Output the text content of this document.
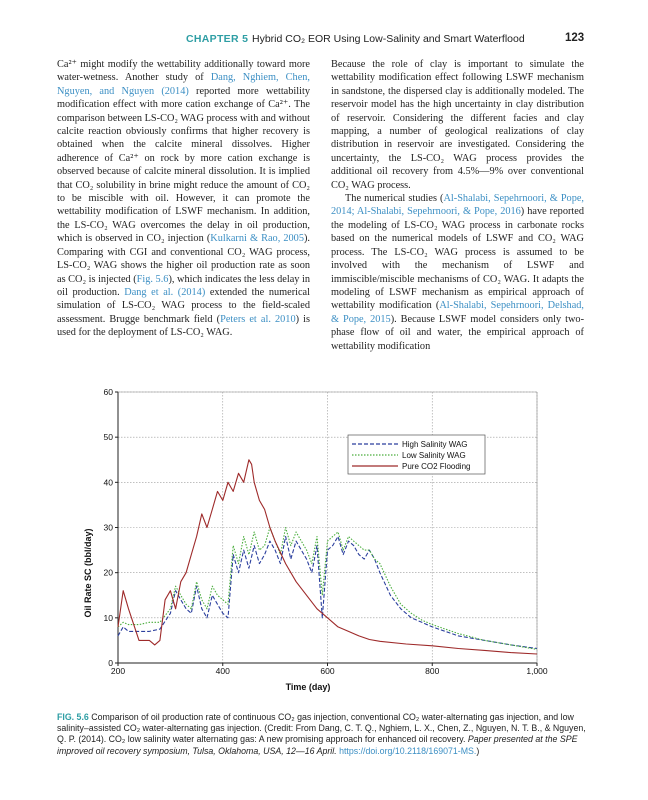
CHAPTER 5 Hybrid CO₂ EOR Using Low-Salinity and Smart Waterflood	123

Ca²⁺ might modify the wettability additionally toward more water-wetness. Another study of Dang, Nghiem, Chen, Nguyen, and Nguyen (2014) reported more wettability modification effect with more cation exchange of Ca²⁺. The comparison between LS-CO₂ WAG process with and without calcite reaction obviously confirms that higher recovery is obtained when the calcite mineral dissolves. Higher adherence of Ca²⁺ on rock by more cation exchange is observed because of calcite mineral dissolution. It is implied that CO₂ solubility in brine might reduce the amount of CO₂ to be miscible with oil. However, it can promote the wettability modification of LSWF mechanism. In addition, the LS-CO₂ WAG overcomes the delay in oil production, which is observed in CO₂ injection (Kulkarni & Rao, 2005). Comparing with CGI and conventional CO₂ WAG process, LS-CO₂ WAG shows the higher oil production rate as soon as CO₂ is injected (Fig. 5.6), which indicates the less delay in oil production. Dang et al. (2014) extended the numerical simulation of LS-CO₂ WAG process to the field-scaled assessment. Brugge benchmark field (Peters et al. 2010) is used for the deployment of LS-CO₂ WAG.

Because the role of clay is important to simulate the wettability modification effect following LSWF mechanism in sandstone, the dispersed clay is additionally modeled. The reservoir model has the high uncertainty in clay distribution of reservoir. Considering the different facies and clay mapping, a number of geological realizations of clay distribution in reservoir are investigated. Considering the uncertainty, the LS-CO₂ WAG process provides the additional oil recovery from 4.5%—9% over conventional CO₂ WAG process.

The numerical studies (Al-Shalabi, Sepehrnoori, & Pope, 2014; Al-Shalabi, Sepehrnoori, & Pope, 2016) have reported the modeling of LS-CO₂ WAG process in carbonate rocks based on the numerical models of LSWF and CO₂ WAG process. The LS-CO₂ WAG process is assumed to be involved with the mechanism of LSWF and immiscible/miscible mechanisms of CO₂ WAG. It adapts the modeling of LSWF mechanism as empirical approach of wettability modification (Al-Shalabi, Sepehrnoori, Delshad, & Pope, 2015). Because LSWF model considers only two-phase flow of oil and water, the empirical approach of wettability modification

200	400	600	800	1,000
0
10
20
30
40
50
60
High Salinity WAG
Low Salinity WAG
Pure CO2 Flooding
Time (day)
Oil Rate SC (bbl/day)
FIG. 5.6 Comparison of oil production rate of continuous CO₂ gas injection, conventional CO₂ water-alternating gas injection, and low salinity–assisted CO₂ water-alternating gas injection. (Credit: From Dang, C. T. Q., Nghiem, L. X., Chen, Z., Nguyen, N. T. B., & Nguyen, Q. P. (2014). CO₂ low salinity water alternating gas: A new promising approach for enhanced oil recovery. Paper presented at the SPE improved oil recovery symposium, Tulsa, Oklahoma, USA, 12—16 April. https://doi.org/10.2118/169071-MS.)
